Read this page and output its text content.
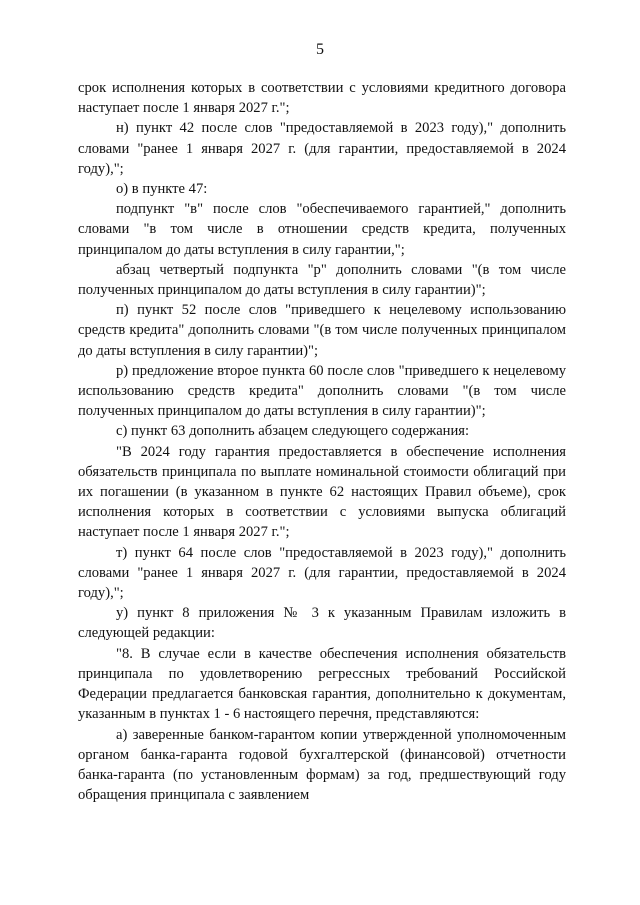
5

срок исполнения которых в соответствии с условиями кредитного договора наступает после 1 января 2027 г.";

н) пункт 42 после слов "предоставляемой в 2023 году)," дополнить словами "ранее 1 января 2027 г. (для гарантии, предоставляемой в 2024 году),";

о) в пункте 47:

подпункт "в" после слов "обеспечиваемого гарантией," дополнить словами "в том числе в отношении средств кредита, полученных принципалом до даты вступления в силу гарантии,";

абзац четвертый подпункта "р" дополнить словами "(в том числе полученных принципалом до даты вступления в силу гарантии)";

п) пункт 52 после слов "приведшего к нецелевому использованию средств кредита" дополнить словами "(в том числе полученных принципалом до даты вступления в силу гарантии)";

р) предложение второе пункта 60 после слов "приведшего к нецелевому использованию средств кредита" дополнить словами "(в том числе полученных принципалом до даты вступления в силу гарантии)";

с) пункт 63 дополнить абзацем следующего содержания:

"В 2024 году гарантия предоставляется в обеспечение исполнения обязательств принципала по выплате номинальной стоимости облигаций при их погашении (в указанном в пункте 62 настоящих Правил объеме), срок исполнения которых в соответствии с условиями выпуска облигаций наступает после 1 января 2027 г.";

т) пункт 64 после слов "предоставляемой в 2023 году)," дополнить словами "ранее 1 января 2027 г. (для гарантии, предоставляемой в 2024 году),";

у) пункт 8 приложения № 3 к указанным Правилам изложить в следующей редакции:

"8. В случае если в качестве обеспечения исполнения обязательств принципала по удовлетворению регрессных требований Российской Федерации предлагается банковская гарантия, дополнительно к документам, указанным в пунктах 1 - 6 настоящего перечня, представляются:

а) заверенные банком-гарантом копии утвержденной уполномоченным органом банка-гаранта годовой бухгалтерской (финансовой) отчетности банка-гаранта (по установленным формам) за год, предшествующий году обращения принципала с заявлением
